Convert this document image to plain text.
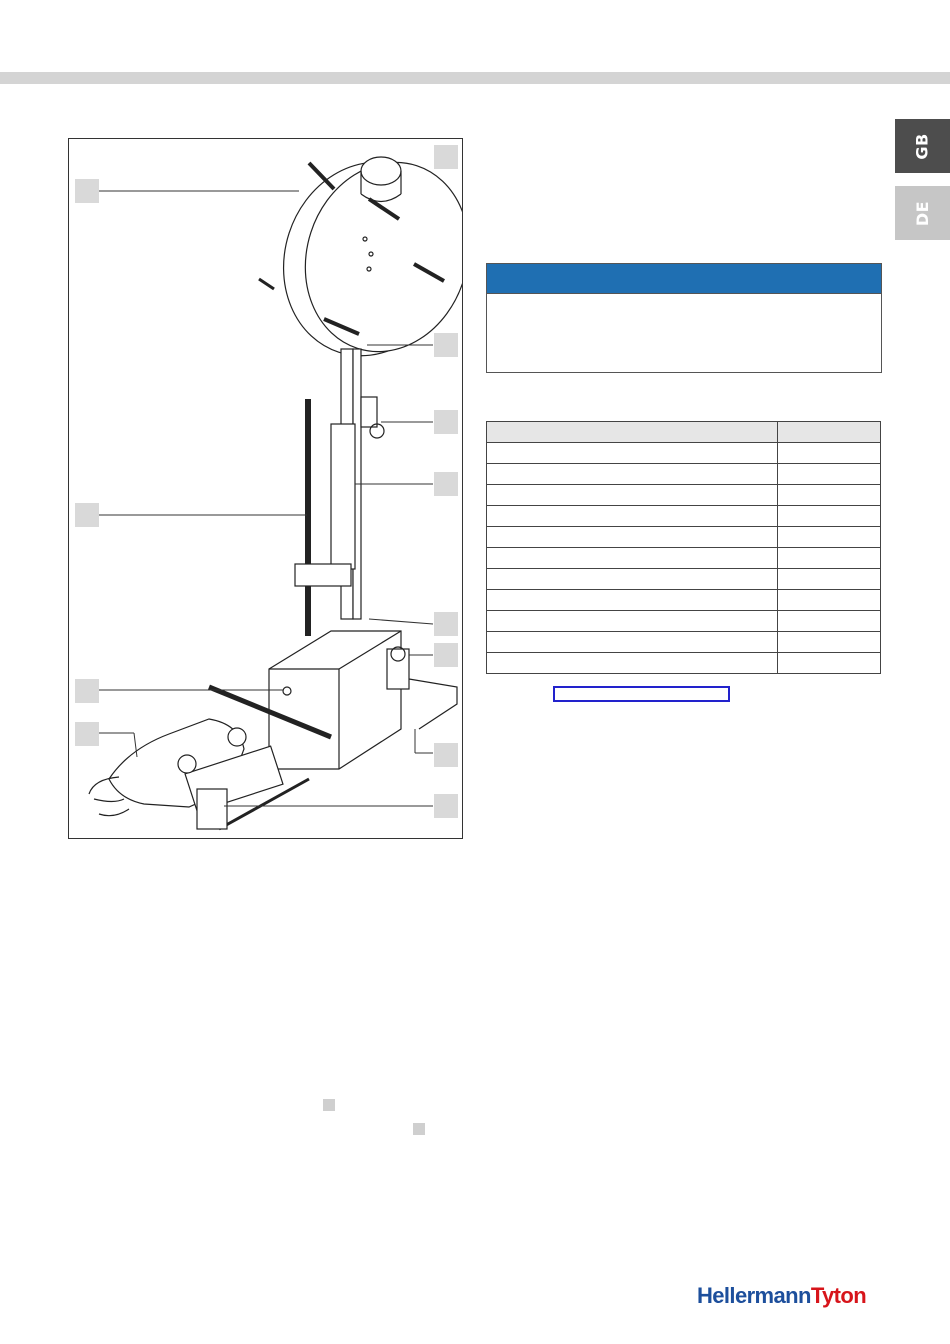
GB
DE

HellermannTyton
